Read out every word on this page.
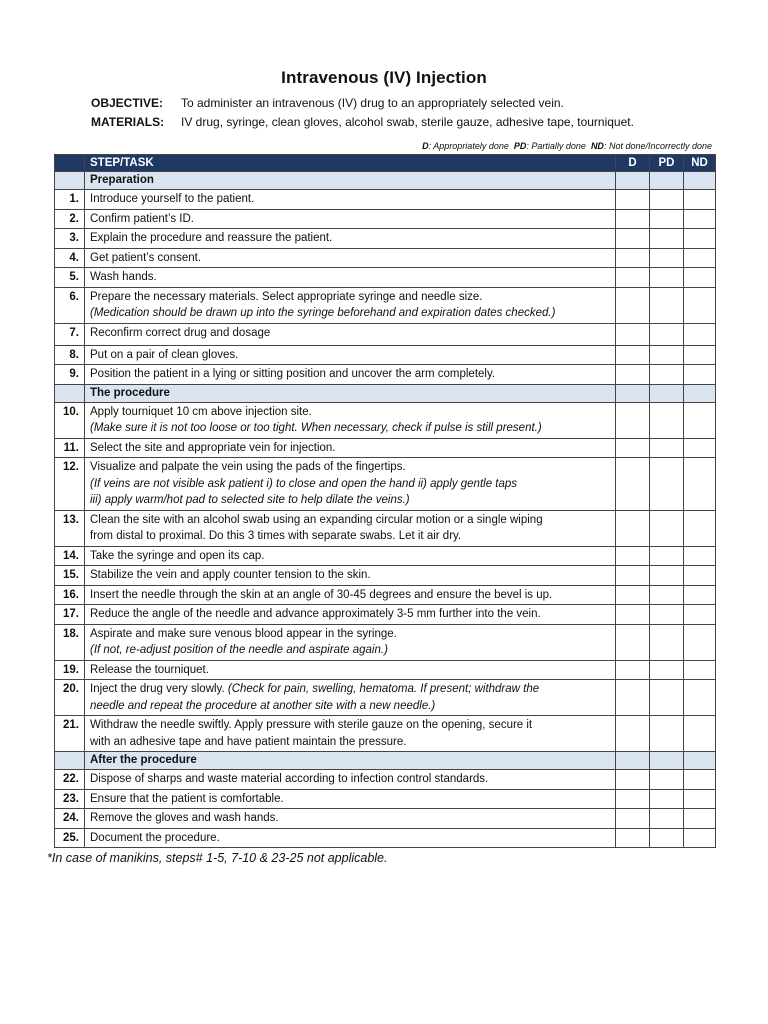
Intravenous (IV) Injection
OBJECTIVE:	To administer an intravenous (IV) drug to an appropriately selected vein.
MATERIALS:	IV drug, syringe, clean gloves, alcohol swab, sterile gauze, adhesive tape, tourniquet.
D: Appropriately done PD: Partially done ND: Not done/Incorrectly done
	STEP/TASK	D	PD	ND
	Preparation			
1.	Introduce yourself to the patient.			
2.	Confirm patient’s ID.			
3.	Explain the procedure and reassure the patient.			
4.	Get patient’s consent.			
5.	Wash hands.			
6.	Prepare the necessary materials. Select appropriate syringe and needle size.
(Medication should be drawn up into the syringe beforehand and expiration dates checked.)			
7.	Reconfirm correct drug and dosage			
8.	Put on a pair of clean gloves.			
9.	Position the patient in a lying or sitting position and uncover the arm completely.			
	The procedure			
10.	Apply tourniquet 10 cm above injection site.
(Make sure it is not too loose or too tight. When necessary, check if pulse is still present.)			
11.	Select the site and appropriate vein for injection.			
12.	Visualize and palpate the vein using the pads of the fingertips.
(If veins are not visible ask patient i) to close and open the hand ii) apply gentle taps
iii) apply warm/hot pad to selected site to help dilate the veins.)			
13.	Clean the site with an alcohol swab using an expanding circular motion or a single wiping
from distal to proximal. Do this 3 times with separate swabs. Let it air dry.			
14.	Take the syringe and open its cap.			
15.	Stabilize the vein and apply counter tension to the skin.			
16.	Insert the needle through the skin at an angle of 30-45 degrees and ensure the bevel is up.			
17.	Reduce the angle of the needle and advance approximately 3-5 mm further into the vein.			
18.	Aspirate and make sure venous blood appear in the syringe.
(If not, re-adjust position of the needle and aspirate again.)			
19.	Release the tourniquet.			
20.	Inject the drug very slowly. (Check for pain, swelling, hematoma. If present; withdraw the
needle and repeat the procedure at another site with a new needle.)			
21.	Withdraw the needle swiftly. Apply pressure with sterile gauze on the opening, secure it
with an adhesive tape and have patient maintain the pressure.			
	After the procedure			
22.	Dispose of sharps and waste material according to infection control standards.			
23.	Ensure that the patient is comfortable.			
24.	Remove the gloves and wash hands.			
25.	Document the procedure.			
*In case of manikins, steps# 1-5, 7-10 & 23-25 not applicable.
